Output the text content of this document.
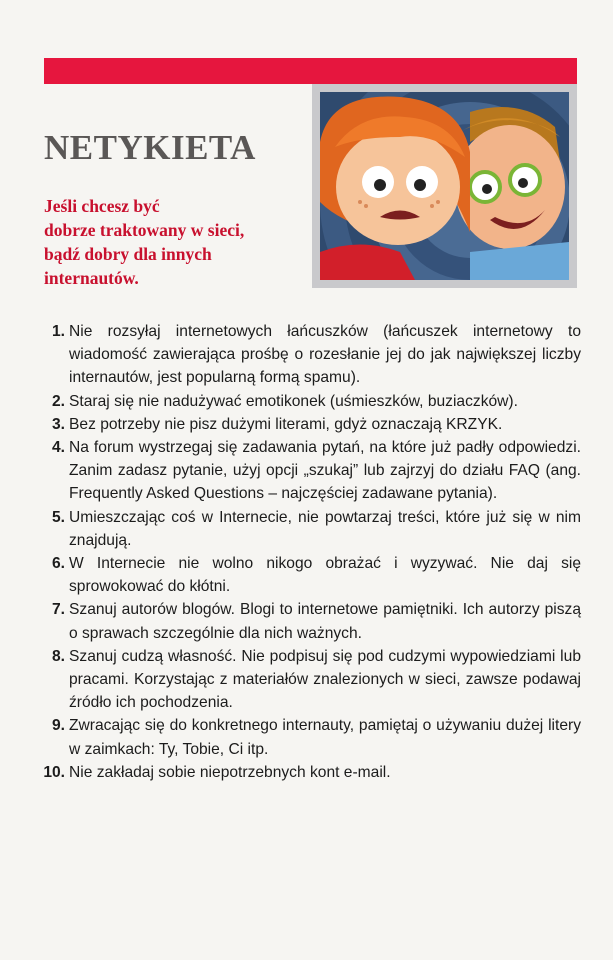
NETYKIETA
Jeśli chcesz być
dobrze traktowany w sieci,
bądź dobry dla innych
internautów.
1. Nie rozsyłaj internetowych łańcuszków (łańcuszek internetowy to wiadomość zawierająca prośbę o rozesłanie jej do jak największej liczby internautów, jest popularną formą spamu).
2. Staraj się nie nadużywać emotikonek (uśmieszków, buziaczków).
3. Bez potrzeby nie pisz dużymi literami, gdyż oznaczają KRZYK.
4. Na forum wystrzegaj się zadawania pytań, na które już padły odpowiedzi. Zanim zadasz pytanie, użyj opcji „szukaj” lub zajrzyj do działu FAQ (ang. Frequently Asked Questions – najczęściej zadawane pytania).
5. Umieszczając coś w Internecie, nie powtarzaj treści, które już się w nim znajdują.
6. W Internecie nie wolno nikogo obrażać i wyzywać. Nie daj się sprowokować do kłótni.
7. Szanuj autorów blogów. Blogi to internetowe pamiętniki. Ich autorzy piszą o sprawach szczególnie dla nich ważnych.
8. Szanuj cudzą własność. Nie podpisuj się pod cudzymi wypowiedziami lub pracami. Korzystając z materiałów znalezionych w sieci, zawsze podawaj źródło ich pochodzenia.
9. Zwracając się do konkretnego internauty, pamiętaj o używaniu dużej litery w zaimkach: Ty, Tobie, Ci itp.
10. Nie zakładaj sobie niepotrzebnych kont e-mail.
